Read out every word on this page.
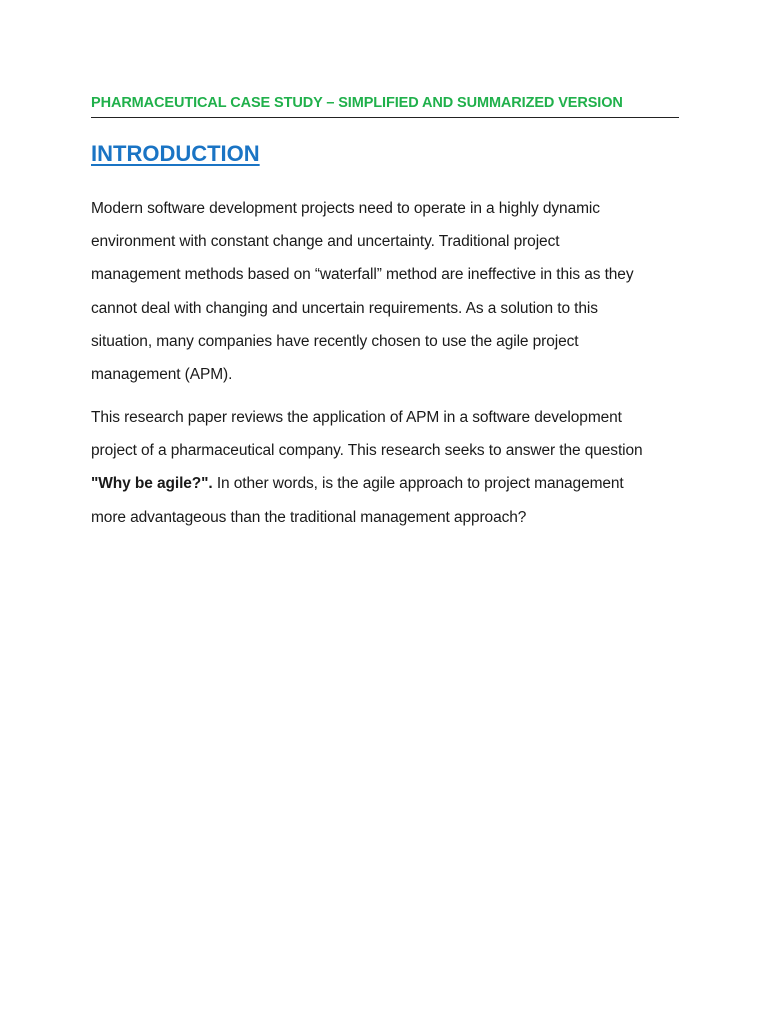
PHARMACEUTICAL CASE STUDY – SIMPLIFIED AND SUMMARIZED VERSION
INTRODUCTION
Modern software development projects need to operate in a highly dynamic
environment with constant change and uncertainty. Traditional project
management methods based on “waterfall” method are ineffective in this as they
cannot deal with changing and uncertain requirements. As a solution to this
situation, many companies have recently chosen to use the agile project
management (APM).
This research paper reviews the application of APM in a software development
project of a pharmaceutical company. This research seeks to answer the question
"Why be agile?". In other words, is the agile approach to project management
more advantageous than the traditional management approach?
